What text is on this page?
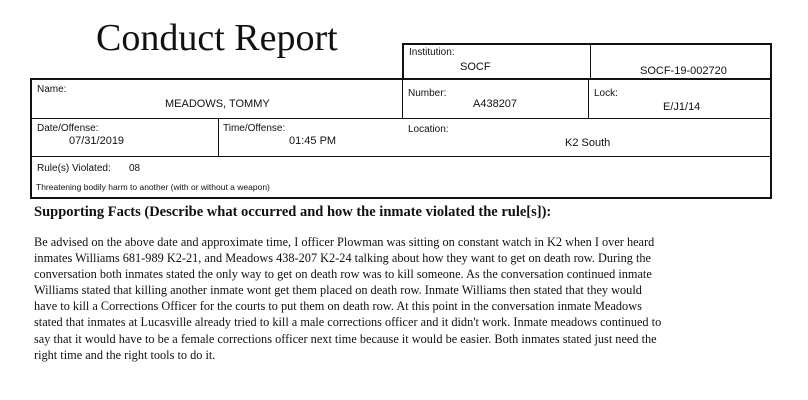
Conduct Report	Institution:
SOCF	SOCF-19-002720
Name:
MEADOWS, TOMMY
Number:
A438207
Lock:
E/J1/14
Date/Offense:
07/31/2019
Time/Offense:
01:45 PM
Location:
K2 South
Rule(s) Violated: 08
Threatening bodily harm to another (with or without a weapon)
Supporting Facts (Describe what occurred and how the inmate violated the rule[s]):
Be advised on the above date and approximate time, I officer Plowman was sitting on constant watch in K2 when I over heard
inmates Williams 681-989 K2-21, and Meadows 438-207 K2-24 talking about how they want to get on death row. During the
conversation both inmates stated the only way to get on death row was to kill someone. As the conversation continued inmate
Williams stated that killing another inmate wont get them placed on death row. Inmate Williams then stated that they would
have to kill a Corrections Officer for the courts to put them on death row. At this point in the conversation inmate Meadows
stated that inmates at Lucasville already tried to kill a male corrections officer and it didn't work. Inmate meadows continued to
say that it would have to be a female corrections officer next time because it would be easier. Both inmates stated just need the
right time and the right tools to do it.
